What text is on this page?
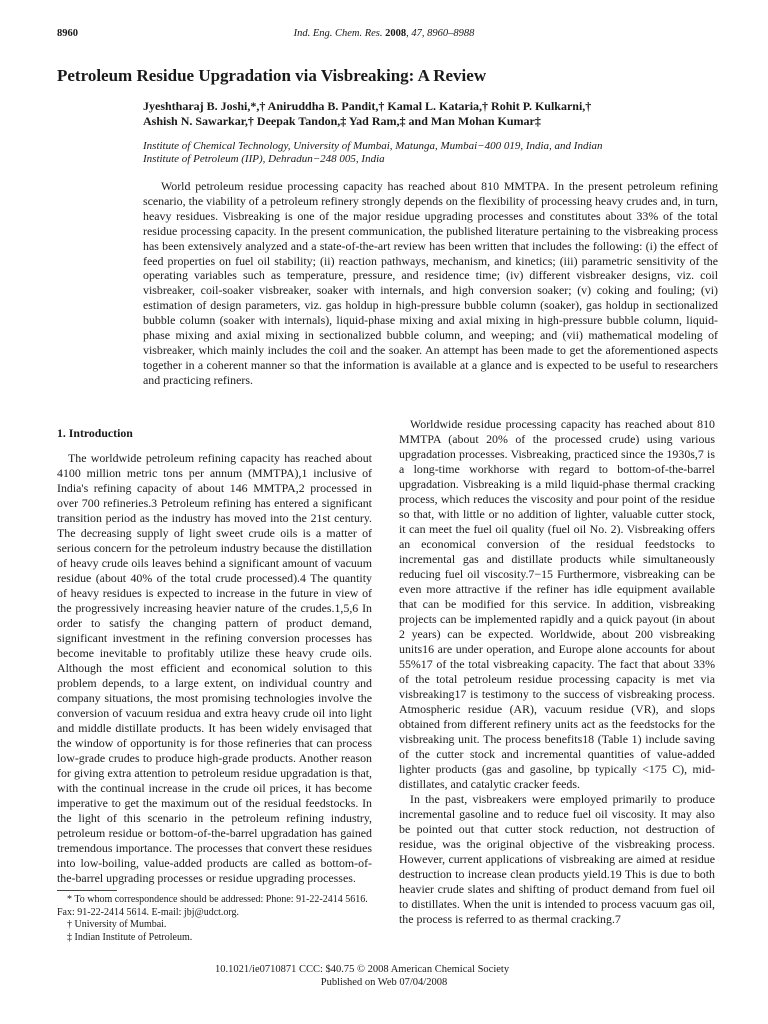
8960	Ind. Eng. Chem. Res. 2008, 47, 8960–8988
Petroleum Residue Upgradation via Visbreaking: A Review
Jyeshtharaj B. Joshi,*,† Aniruddha B. Pandit,† Kamal L. Kataria,† Rohit P. Kulkarni,†
Ashish N. Sawarkar,† Deepak Tandon,‡ Yad Ram,‡ and Man Mohan Kumar‡
Institute of Chemical Technology, University of Mumbai, Matunga, Mumbai−400 019, India, and Indian
Institute of Petroleum (IIP), Dehradun−248 005, India
World petroleum residue processing capacity has reached about 810 MMTPA. In the present petroleum refining scenario, the viability of a petroleum refinery strongly depends on the flexibility of processing heavy crudes and, in turn, heavy residues. Visbreaking is one of the major residue upgrading processes and constitutes about 33% of the total residue processing capacity. In the present communication, the published literature pertaining to the visbreaking process has been extensively analyzed and a state-of-the-art review has been written that includes the following: (i) the effect of feed properties on fuel oil stability; (ii) reaction pathways, mechanism, and kinetics; (iii) parametric sensitivity of the operating variables such as temperature, pressure, and residence time; (iv) different visbreaker designs, viz. coil visbreaker, coil-soaker visbreaker, soaker with internals, and high conversion soaker; (v) coking and fouling; (vi) estimation of design parameters, viz. gas holdup in high-pressure bubble column (soaker), gas holdup in sectionalized bubble column (soaker with internals), liquid-phase mixing and axial mixing in high-pressure bubble column, liquid-phase mixing and axial mixing in sectionalized bubble column, and weeping; and (vii) mathematical modeling of visbreaker, which mainly includes the coil and the soaker. An attempt has been made to get the aforementioned aspects together in a coherent manner so that the information is available at a glance and is expected to be useful to researchers and practicing refiners.

1. Introduction

The worldwide petroleum refining capacity has reached about 4100 million metric tons per annum (MMTPA),1 inclusive of India's refining capacity of about 146 MMTPA,2 processed in over 700 refineries.3 Petroleum refining has entered a significant transition period as the industry has moved into the 21st century. The decreasing supply of light sweet crude oils is a matter of serious concern for the petroleum industry because the distillation of heavy crude oils leaves behind a significant amount of vacuum residue (about 40% of the total crude processed).4 The quantity of heavy residues is expected to increase in the future in view of the progressively increasing heavier nature of the crudes.1,5,6 In order to satisfy the changing pattern of product demand, significant investment in the refining conversion processes has become inevitable to profitably utilize these heavy crude oils. Although the most efficient and economical solution to this problem depends, to a large extent, on individual country and company situations, the most promising technologies involve the conversion of vacuum residua and extra heavy crude oil into light and middle distillate products. It has been widely envisaged that the window of opportunity is for those refineries that can process low-grade crudes to produce high-grade products. Another reason for giving extra attention to petroleum residue upgradation is that, with the continual increase in the crude oil prices, it has become imperative to get the maximum out of the residual feedstocks. In the light of this scenario in the petroleum refining industry, petroleum residue or bottom-of-the-barrel upgradation has gained tremendous importance. The processes that convert these residues into low-boiling, value-added products are called as bottom-of-the-barrel upgrading processes or residue upgrading processes.

Worldwide residue processing capacity has reached about 810 MMTPA (about 20% of the processed crude) using various upgradation processes. Visbreaking, practiced since the 1930s,7 is a long-time workhorse with regard to bottom-of-the-barrel upgradation. Visbreaking is a mild liquid-phase thermal cracking process, which reduces the viscosity and pour point of the residue so that, with little or no addition of lighter, valuable cutter stock, it can meet the fuel oil quality (fuel oil No. 2). Visbreaking offers an economical conversion of the residual feedstocks to incremental gas and distillate products while simultaneously reducing fuel oil viscosity.7−15 Furthermore, visbreaking can be even more attractive if the refiner has idle equipment available that can be modified for this service. In addition, visbreaking projects can be implemented rapidly and a quick payout (in about 2 years) can be expected. Worldwide, about 200 visbreaking units16 are under operation, and Europe alone accounts for about 55%17 of the total visbreaking capacity. The fact that about 33% of the total petroleum residue processing capacity is met via visbreaking17 is testimony to the success of visbreaking process. Atmospheric residue (AR), vacuum residue (VR), and slops obtained from different refinery units act as the feedstocks for the visbreaking unit. The process benefits18 (Table 1) include saving of the cutter stock and incremental quantities of value-added lighter products (gas and gasoline, bp typically <175 C), mid-distillates, and catalytic cracker feeds.

In the past, visbreakers were employed primarily to produce incremental gasoline and to reduce fuel oil viscosity. It may also be pointed out that cutter stock reduction, not destruction of residue, was the original objective of the visbreaking process. However, current applications of visbreaking are aimed at residue destruction to increase clean products yield.19 This is due to both heavier crude slates and shifting of product demand from fuel oil to distillates. When the unit is intended to process vacuum gas oil, the process is referred to as thermal cracking.7

* To whom correspondence should be addressed: Phone: 91-22-2414 5616. Fax: 91-22-2414 5614. E-mail: jbj@udct.org.

† University of Mumbai.

‡ Indian Institute of Petroleum.

10.1021/ie0710871 CCC: $40.75 © 2008 American Chemical Society
Published on Web 07/04/2008
